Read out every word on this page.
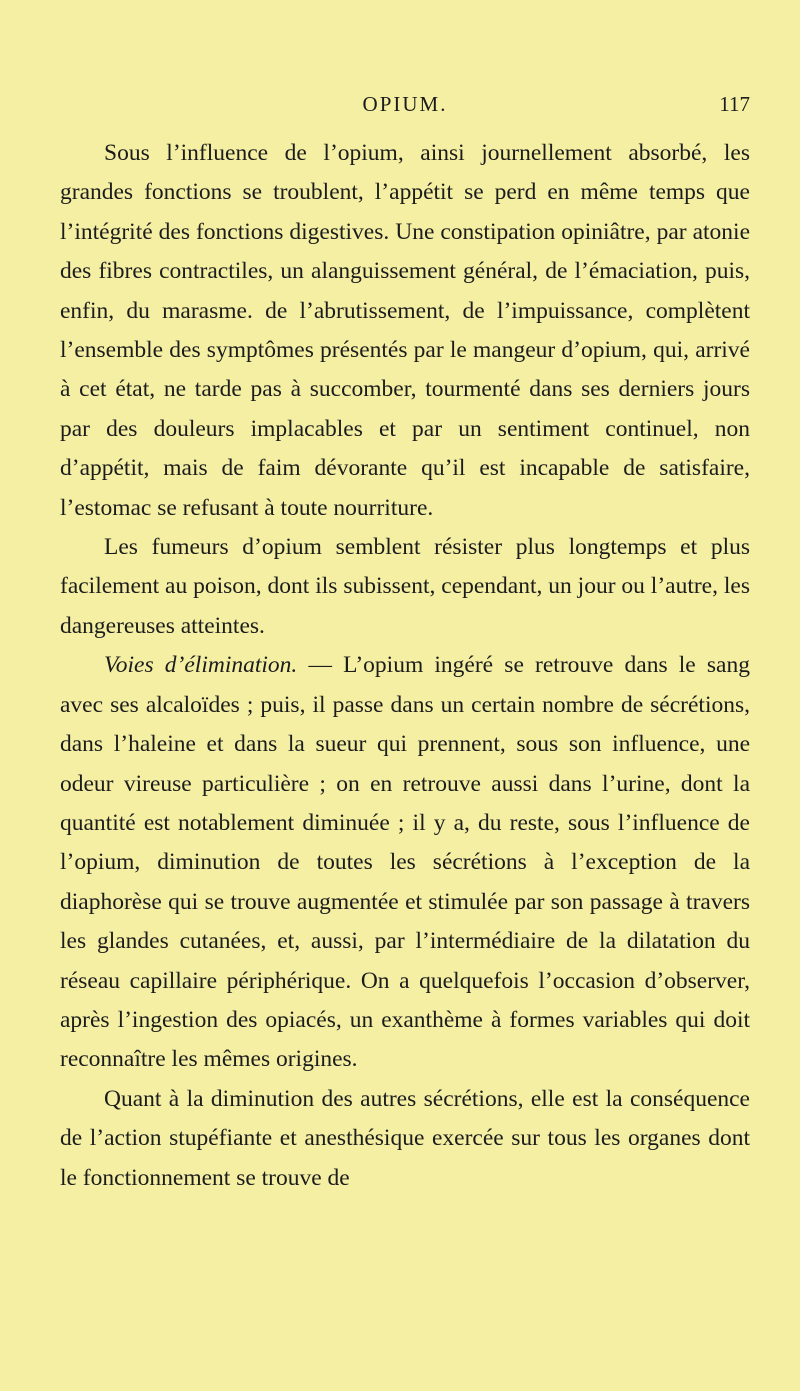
OPIUM.	117

Sous l’influence de l’opium, ainsi journellement absorbé, les grandes fonctions se troublent, l’appétit se perd en même temps que l’intégrité des fonctions digestives. Une constipation opiniâtre, par atonie des fibres contractiles, un alanguissement général, de l’émaciation, puis, enfin, du marasme. de l’abrutissement, de l’impuissance, complètent l’ensemble des symptômes présentés par le mangeur d’opium, qui, arrivé à cet état, ne tarde pas à succomber, tourmenté dans ses derniers jours par des douleurs implacables et par un sentiment continuel, non d’appétit, mais de faim dévorante qu’il est incapable de satisfaire, l’estomac se refusant à toute nourriture.

Les fumeurs d’opium semblent résister plus longtemps et plus facilement au poison, dont ils subissent, cependant, un jour ou l’autre, les dangereuses atteintes.

Voies d’élimination. — L’opium ingéré se retrouve dans le sang avec ses alcaloïdes ; puis, il passe dans un certain nombre de sécrétions, dans l’haleine et dans la sueur qui prennent, sous son influence, une odeur vireuse particulière ; on en retrouve aussi dans l’urine, dont la quantité est notablement diminuée ; il y a, du reste, sous l’influence de l’opium, diminution de toutes les sécrétions à l’exception de la diaphorèse qui se trouve augmentée et stimulée par son passage à travers les glandes cutanées, et, aussi, par l’intermédiaire de la dilatation du réseau capillaire périphérique. On a quelquefois l’occasion d’observer, après l’ingestion des opiacés, un exanthème à formes variables qui doit reconnaître les mêmes origines.

Quant à la diminution des autres sécrétions, elle est la conséquence de l’action stupéfiante et anesthésique exercée sur tous les organes dont le fonctionnement se trouve de
